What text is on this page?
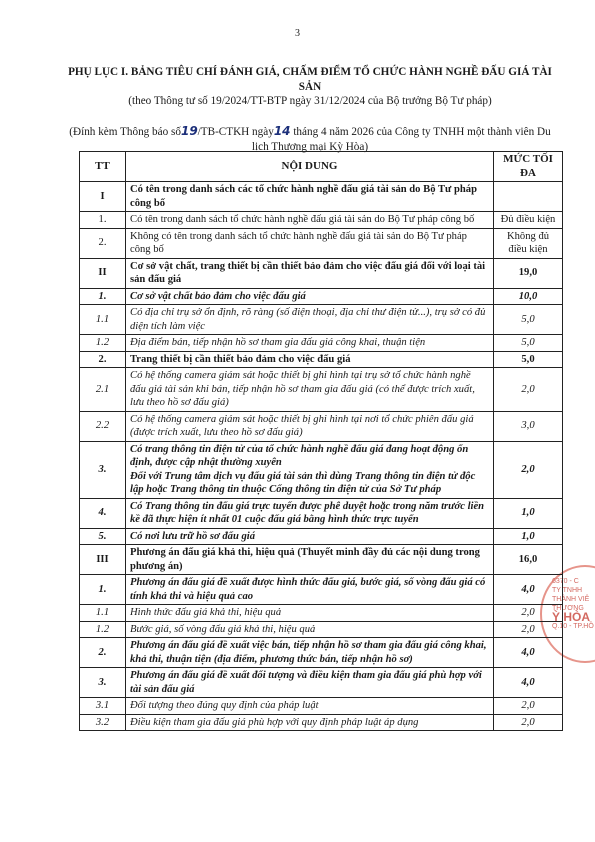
3
PHỤ LỤC I. BẢNG TIÊU CHÍ ĐÁNH GIÁ, CHẤM ĐIỂM TỔ CHỨC HÀNH NGHỀ ĐẤU GIÁ TÀI SẢN
(theo Thông tư số 19/2024/TT-BTP ngày 31/12/2024 của Bộ trưởng Bộ Tư pháp)
(Đính kèm Thông báo số19/TB-CTKH ngày14 tháng 4 năm 2026 của Công ty TNHH một thành viên Du lịch Thương mại Kỳ Hòa)
6370 - C
TY TNHH
THÀNH VIÊ
THƯƠNG
Ỳ HÒA
Q.10 - TP.HỒ
TT	NỘI DUNG	MỨC TỐI ĐA
I	Có tên trong danh sách các tổ chức hành nghề đấu giá tài sản do Bộ Tư pháp công bố	
1.	Có tên trong danh sách tổ chức hành nghề đấu giá tài sản do Bộ Tư pháp công bố	Đủ điều kiện
2.	Không có tên trong danh sách tổ chức hành nghề đấu giá tài sản do Bộ Tư pháp công bố	Không đủ điều kiện
II	Cơ sở vật chất, trang thiết bị cần thiết bảo đảm cho việc đấu giá đối với loại tài sản đấu giá	19,0
1.	Cơ sở vật chất bảo đảm cho việc đấu giá	10,0
1.1	Có địa chỉ trụ sở ổn định, rõ ràng (số điện thoại, địa chỉ thư điện tử...), trụ sở có đủ diện tích làm việc	5,0
1.2	Địa điểm bán, tiếp nhận hồ sơ tham gia đấu giá công khai, thuận tiện	5,0
2.	Trang thiết bị cần thiết bảo đảm cho việc đấu giá	5,0
2.1	Có hệ thống camera giám sát hoặc thiết bị ghi hình tại trụ sở tổ chức hành nghề đấu giá tài sản khi bán, tiếp nhận hồ sơ tham gia đấu giá (có thể được trích xuất, lưu theo hồ sơ đấu giá)	2,0
2.2	Có hệ thống camera giám sát hoặc thiết bị ghi hình tại nơi tổ chức phiên đấu giá (được trích xuất, lưu theo hồ sơ đấu giá)	3,0
3.	Có trang thông tin điện tử của tổ chức hành nghề đấu giá đang hoạt động ổn định, được cập nhật thường xuyên
Đối với Trung tâm dịch vụ đấu giá tài sản thì dùng Trang thông tin điện tử độc lập hoặc Trang thông tin thuộc Cổng thông tin điện tử của Sở Tư pháp	2,0
4.	Có Trang thông tin đấu giá trực tuyến được phê duyệt hoặc trong năm trước liền kề đã thực hiện ít nhất 01 cuộc đấu giá bằng hình thức trực tuyến	1,0
5.	Có nơi lưu trữ hồ sơ đấu giá	1,0
III	Phương án đấu giá khả thi, hiệu quả (Thuyết minh đầy đủ các nội dung trong phương án)	16,0
1.	Phương án đấu giá đề xuất được hình thức đấu giá, bước giá, số vòng đấu giá có tính khả thi và hiệu quả cao	4,0
1.1	Hình thức đấu giá khả thi, hiệu quả	2,0
1.2	Bước giá, số vòng đấu giá khả thi, hiệu quả	2,0
2.	Phương án đấu giá đề xuất việc bán, tiếp nhận hồ sơ tham gia đấu giá công khai, khả thi, thuận tiện (địa điểm, phương thức bán, tiếp nhận hồ sơ)	4,0
3.	Phương án đấu giá đề xuất đối tượng và điều kiện tham gia đấu giá phù hợp với tài sản đấu giá	4,0
3.1	Đối tượng theo đúng quy định của pháp luật	2,0
3.2	Điều kiện tham gia đấu giá phù hợp với quy định pháp luật áp dụng	2,0
